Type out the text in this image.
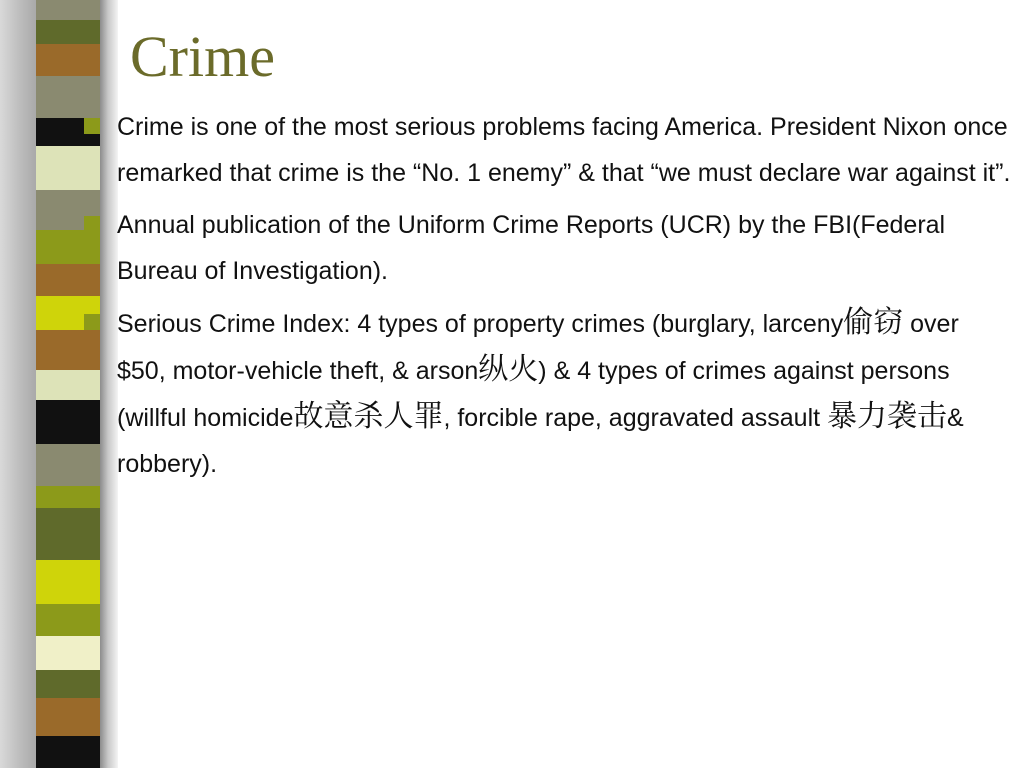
Crime
Crime is one of the most serious problems facing America. President Nixon once remarked that crime is the “No. 1 enemy” & that “we must declare war against it”.
Annual publication of the Uniform Crime Reports (UCR) by the FBI(Federal Bureau of Investigation).
Serious Crime Index: 4 types of property crimes (burglary, larceny偷窃 over $50, motor-vehicle theft, & arson纵火) & 4 types of crimes against persons (willful homicide故意杀人罪, forcible rape, aggravated assault 暴力袭击& robbery).
